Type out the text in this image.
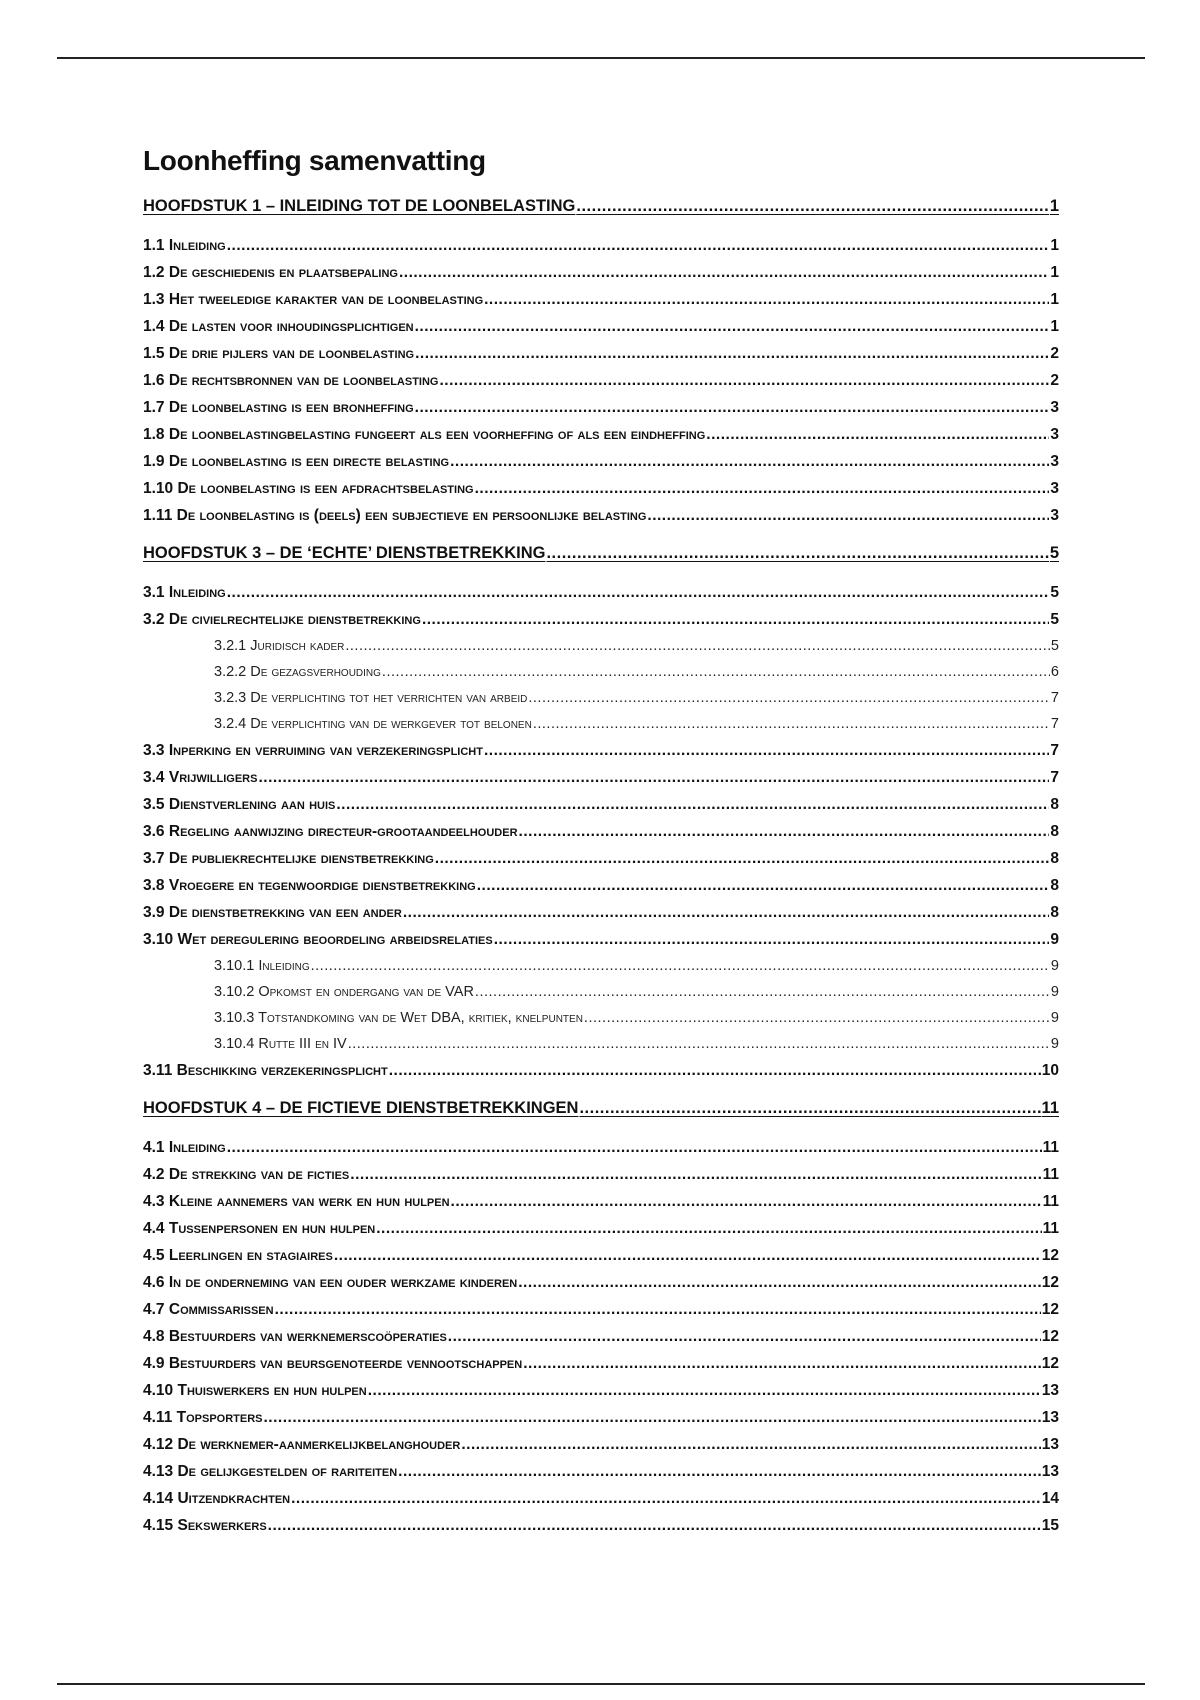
Loonheffing samenvatting
HOOFDSTUK 1 – INLEIDING TOT DE LOONBELASTING .....	1
1.1 Inleiding .....	1
1.2 De geschiedenis en plaatsbepaling .....	1
1.3 Het tweeledige karakter van de loonbelasting .....	1
1.4 De lasten voor inhoudingsplichtigen .....	1
1.5 De drie pijlers van de loonbelasting .....	2
1.6 De rechtsbronnen van de loonbelasting .....	2
1.7 De loonbelasting is een bronheffing .....	3
1.8 De loonbelastingbelasting fungeert als een voorheffing of als een eindheffing .....	3
1.9 De loonbelasting is een directe belasting .....	3
1.10 De loonbelasting is een afdrachtsbelasting .....	3
1.11 De loonbelasting is (deels) een subjectieve en persoonlijke belasting .....	3
HOOFDSTUK 3 – DE ‘ECHTE’ DIENSTBETREKKING .....	5
3.1 Inleiding .....	5
3.2 De civielrechtelijke dienstbetrekking .....	5
3.2.1 Juridisch kader .....	5
3.2.2 De gezagsverhouding .....	6
3.2.3 De verplichting tot het verrichten van arbeid .....	7
3.2.4 De verplichting van de werkgever tot belonen .....	7
3.3 Inperking en verruiming van verzekeringsplicht .....	7
3.4 Vrijwilligers .....	7
3.5 Dienstverlening aan huis .....	8
3.6 Regeling aanwijzing directeur-grootaandeelhouder .....	8
3.7 De publiekrechtelijke dienstbetrekking .....	8
3.8 Vroegere en tegenwoordige dienstbetrekking .....	8
3.9 De dienstbetrekking van een ander .....	8
3.10 Wet deregulering beoordeling arbeidsrelaties .....	9
3.10.1 Inleiding .....	9
3.10.2 Opkomst en ondergang van de VAR .....	9
3.10.3 Totstandkoming van de Wet DBA, kritiek, knelpunten .....	9
3.10.4 Rutte III en IV .....	9
3.11 Beschikking verzekeringsplicht .....	10
HOOFDSTUK 4 – DE FICTIEVE DIENSTBETREKKINGEN .....	11
4.1 Inleiding .....	11
4.2 De strekking van de ficties .....	11
4.3 Kleine aannemers van werk en hun hulpen .....	11
4.4 Tussenpersonen en hun hulpen .....	11
4.5 Leerlingen en stagiaires .....	12
4.6 In de onderneming van een ouder werkzame kinderen .....	12
4.7 Commissarissen .....	12
4.8 Bestuurders van werknemerscoöperaties .....	12
4.9 Bestuurders van beursgenoteerde vennootschappen .....	12
4.10 Thuiswerkers en hun hulpen .....	13
4.11 Topsporters .....	13
4.12 De werknemer-aanmerkelijkbelanghouder .....	13
4.13 De gelijkgestelden of rariteiten .....	13
4.14 Uitzendkrachten .....	14
4.15 Sekswerkers .....	15
